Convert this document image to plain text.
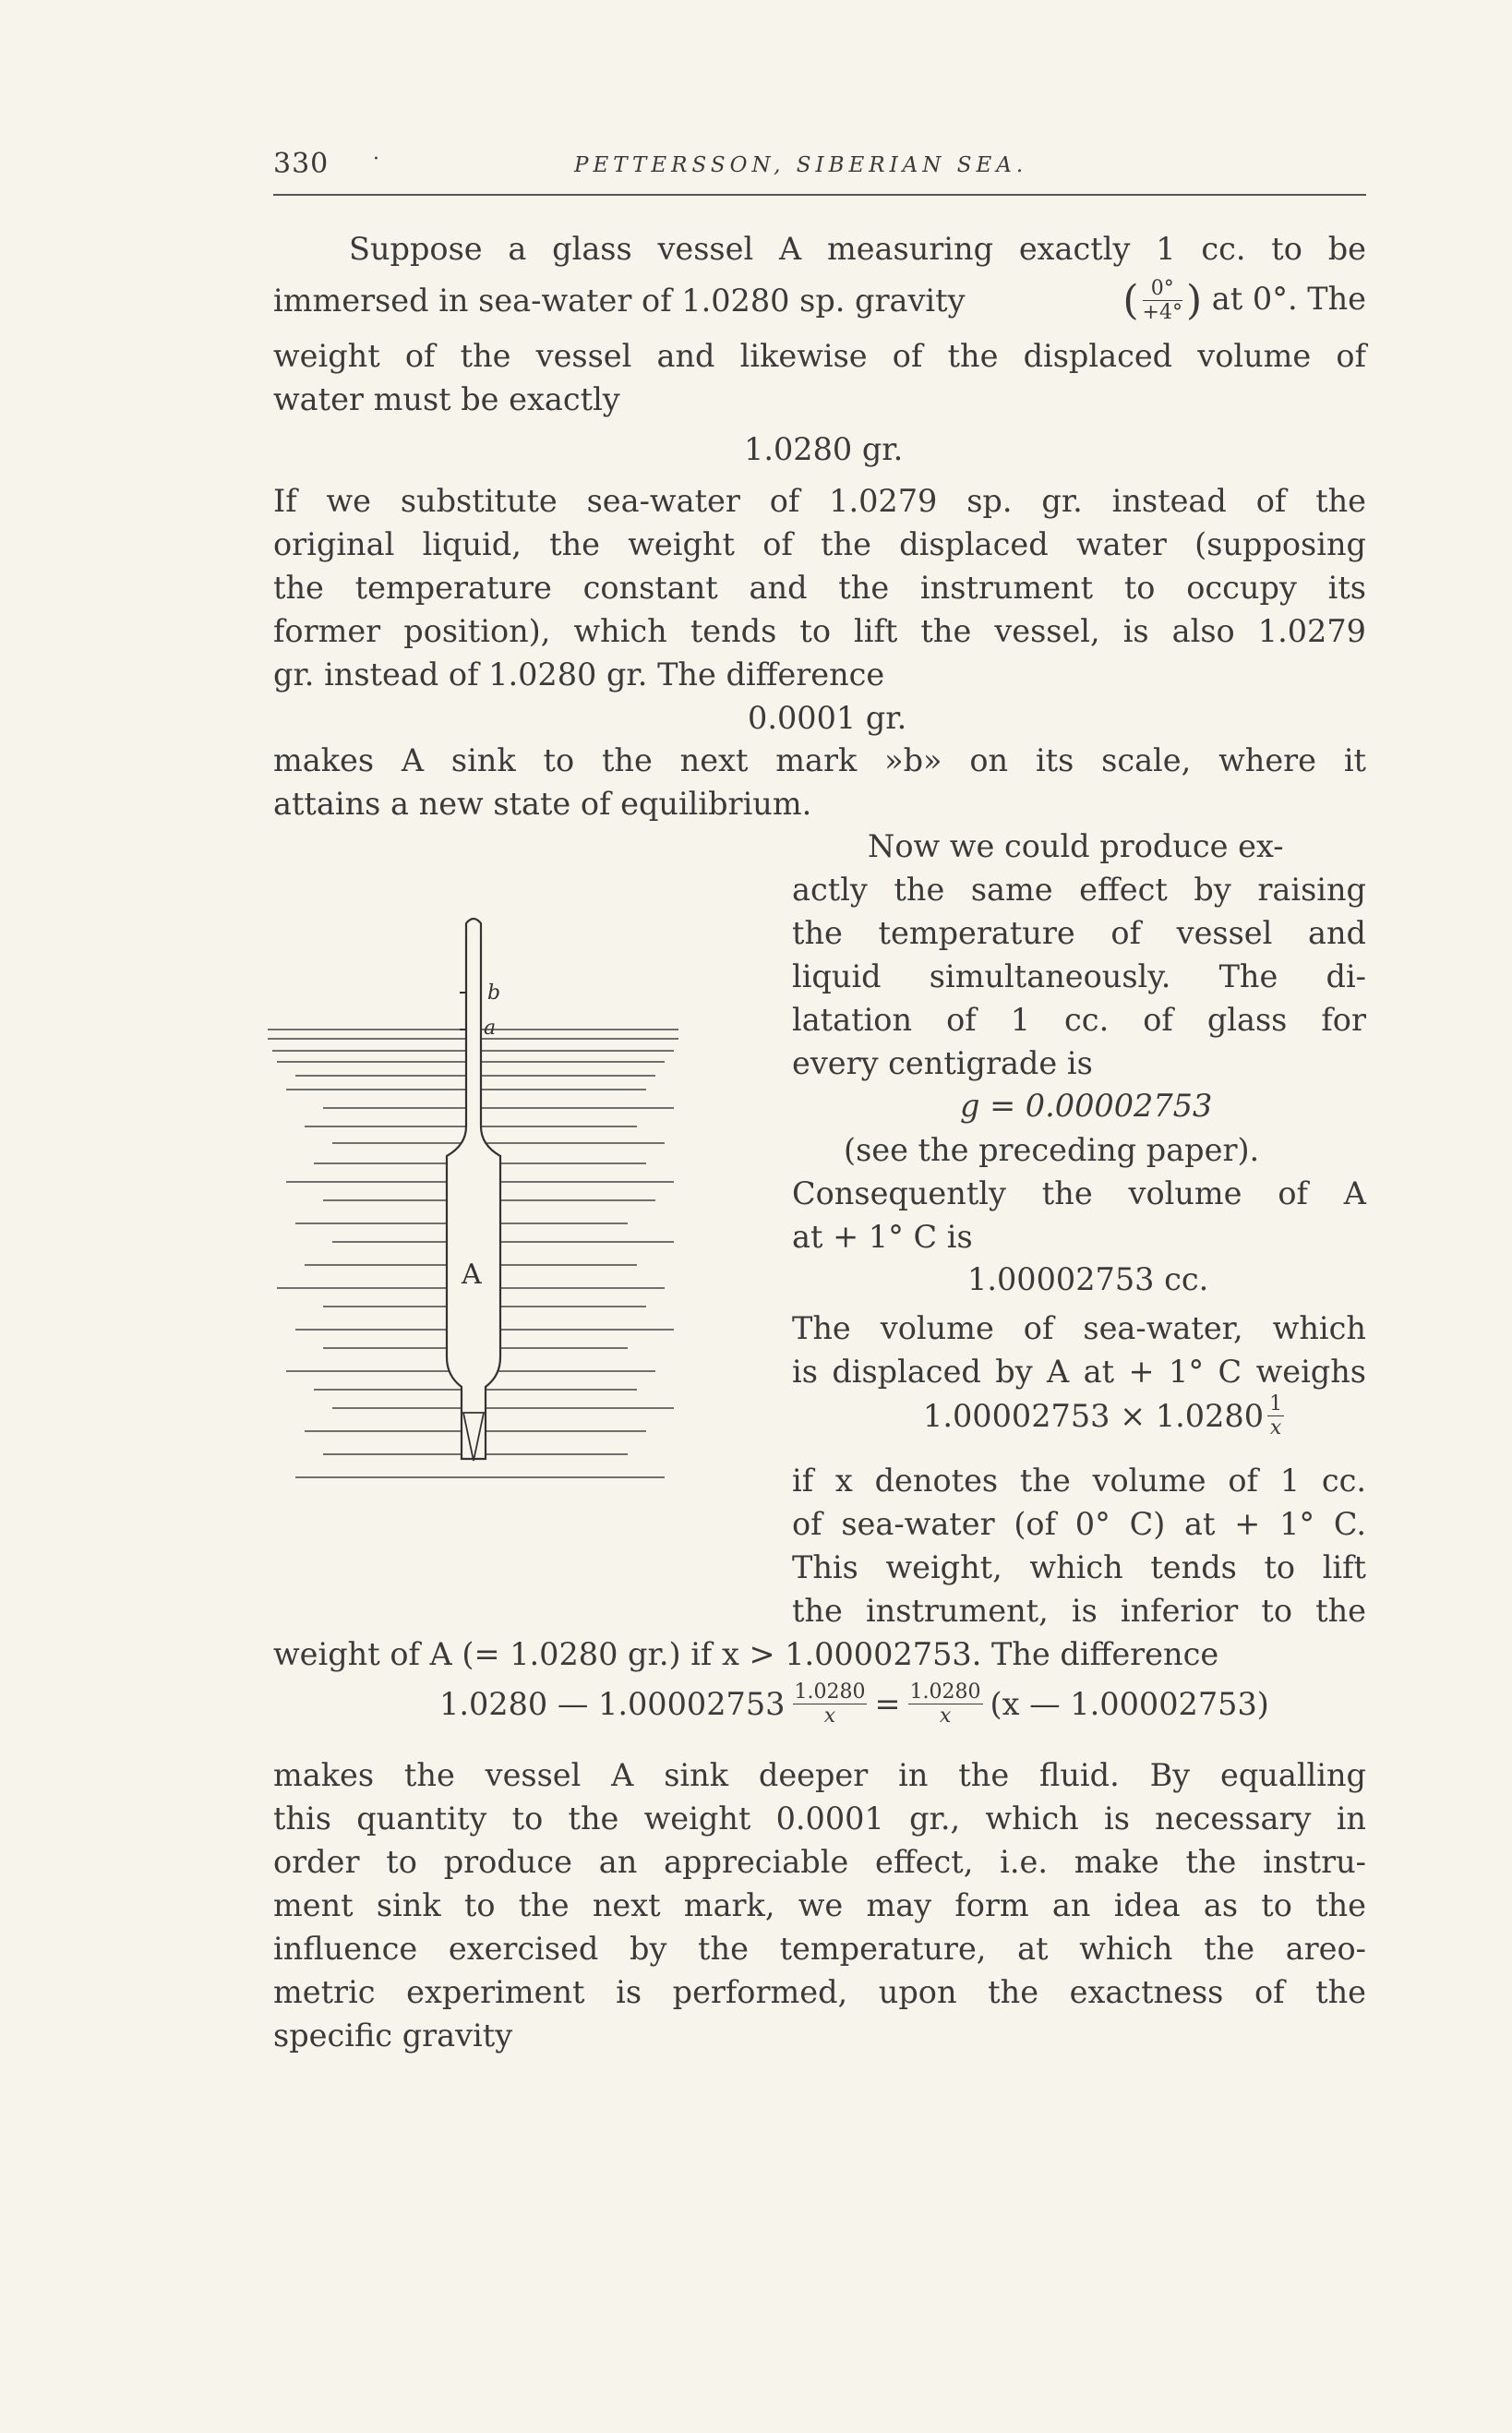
330 ·	PETTERSSON, SIBERIAN SEA.
Suppose a glass vessel A measuring exactly 1 cc. to be
immersed in sea-water of 1.0280 sp. gravity	( $\frac{0^\circ}{+4^\circ}$ ) at 0°. The
weight of the vessel and likewise of the displaced volume of
water must be exactly
1.0280 gr.
If we substitute sea-water of 1.0279 sp. gr. instead of the
original liquid, the weight of the displaced water (supposing
the temperature constant and the instrument to occupy its
former position), which tends to lift the vessel, is also 1.0279
gr. instead of 1.0280 gr. The difference
0.0001 gr.
makes A sink to the next mark »b» on its scale, where it
attains a new state of equilibrium.
b
a
A
Now we could produce ex-
actly the same effect by raising
the temperature of vessel and
liquid simultaneously. The di-
latation of 1 cc. of glass for
every centigrade is
g = 0.00002753
(see the preceding paper).
Consequently the volume of A
at + 1° C is
1.00002753 cc.
The volume of sea-water, which
is displaced by A at + 1° C weighs
$1.00002753 \times 1.0280 \frac{1}{x}$
if x denotes the volume of 1 cc.
of sea-water (of 0° C) at + 1° C.
This weight, which tends to lift
the instrument, is inferior to the
weight of A (= 1.0280 gr.) if x > 1.00002753. The difference
1.0280 — $1.00002753 \frac{1.0280}{x} = \frac{1.0280}{x} (x$ — 1.00002753)
makes the vessel A sink deeper in the fluid. By equalling
this quantity to the weight 0.0001 gr., which is necessary in
order to produce an appreciable effect, i.e. make the instru-
ment sink to the next mark, we may form an idea as to the
influence exercised by the temperature, at which the areo-
metric experiment is performed, upon the exactness of the
specific gravity
